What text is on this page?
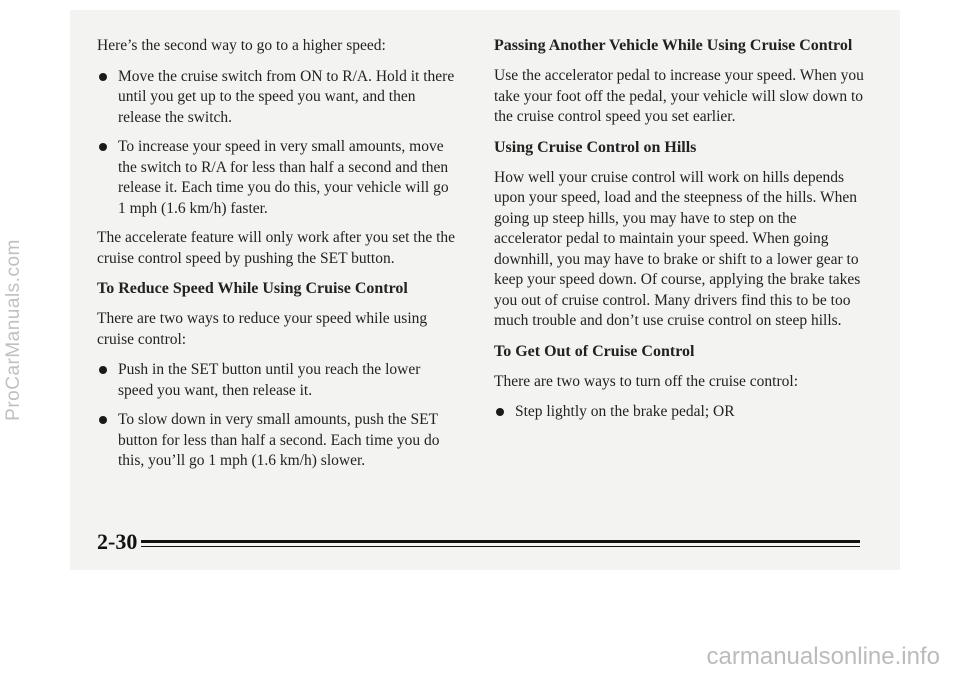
Here’s the second way to go to a higher speed:

Move the cruise switch from ON to R/A. Hold it there until you get up to the speed you want, and then release the switch.
To increase your speed in very small amounts, move the switch to R/A for less than half a second and then release it. Each time you do this, your vehicle will go 1 mph (1.6 km/h) faster.

The accelerate feature will only work after you set the the cruise control speed by pushing the SET button.

To Reduce Speed While Using Cruise Control

There are two ways to reduce your speed while using cruise control:

Push in the SET button until you reach the lower speed you want, then release it.
To slow down in very small amounts, push the SET button for less than half a second. Each time you do this, you’ll go 1 mph (1.6 km/h) slower.
Passing Another Vehicle While Using Cruise Control

Use the accelerator pedal to increase your speed. When you take your foot off the pedal, your vehicle will slow down to the cruise control speed you set earlier.

Using Cruise Control on Hills

How well your cruise control will work on hills depends upon your speed, load and the steepness of the hills. When going up steep hills, you may have to step on the accelerator pedal to maintain your speed. When going downhill, you may have to brake or shift to a lower gear to keep your speed down. Of course, applying the brake takes you out of cruise control. Many drivers find this to be too much trouble and don’t use cruise control on steep hills.

To Get Out of Cruise Control

There are two ways to turn off the cruise control:

Step lightly on the brake pedal; OR
2-30
ProCarManuals.com
carmanualsonline.info
